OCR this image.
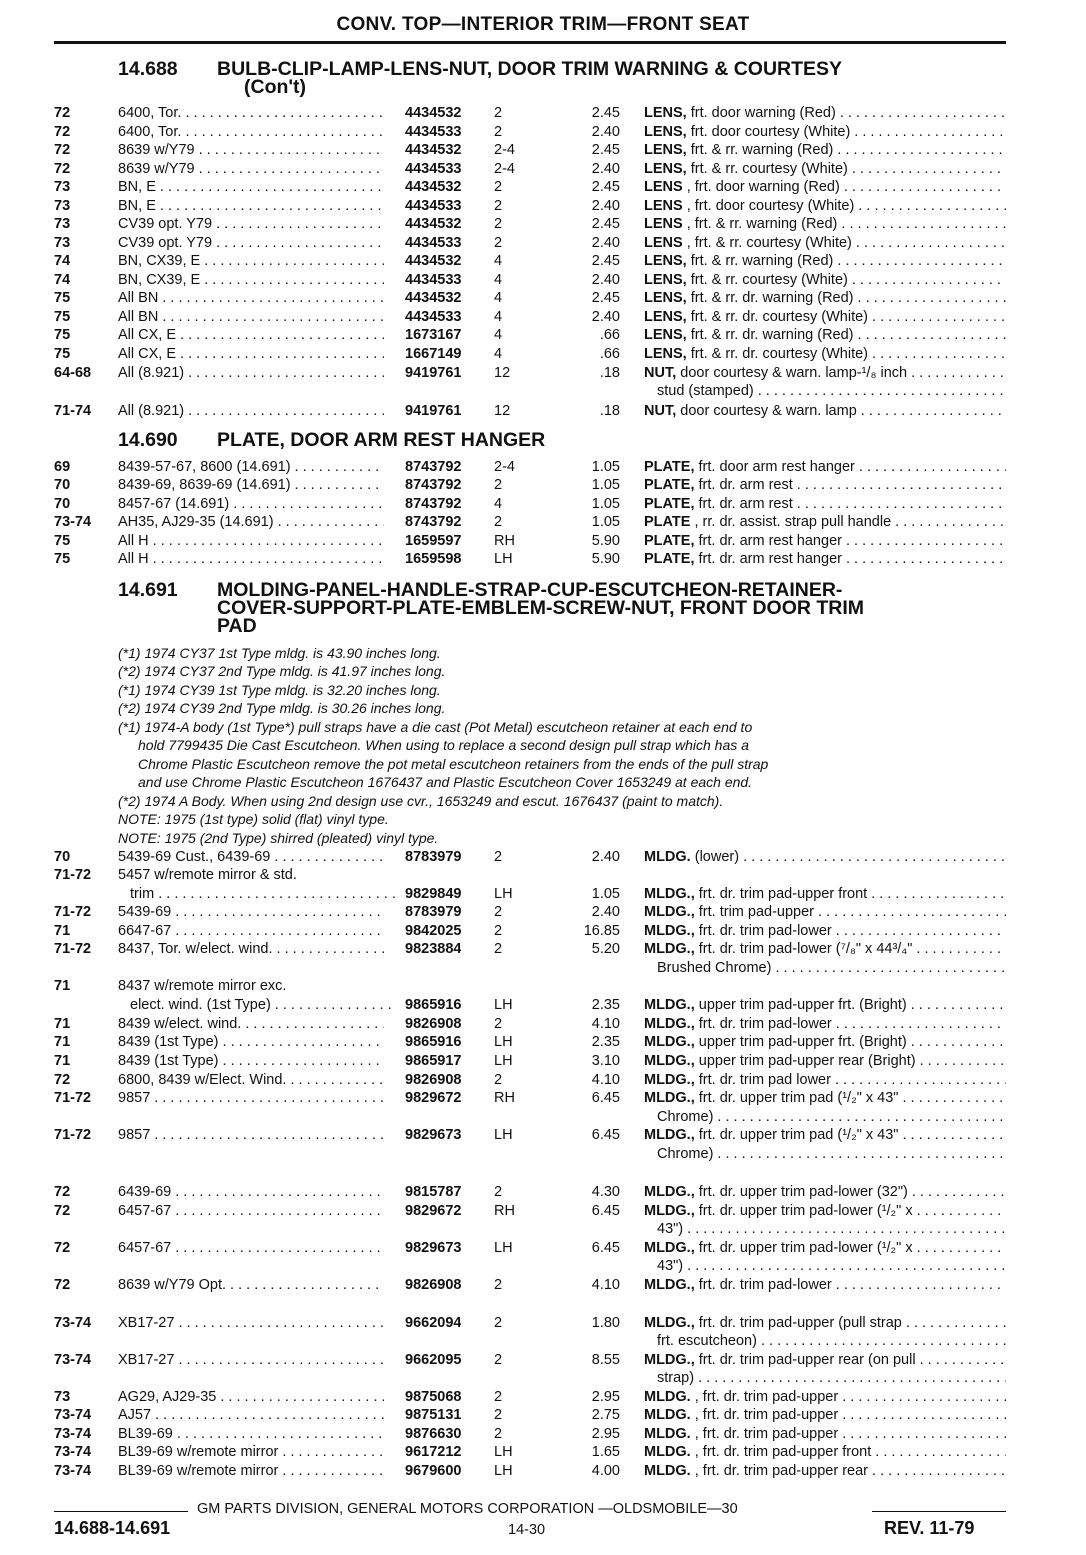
CONV. TOP—INTERIOR TRIM—FRONT SEAT
14.688 BULB-CLIP-LAMP-LENS-NUT, DOOR TRIM WARNING & COURTESY
(Con't)
72	6400, Tor. . . .	4434532 2	2.45 LENS, frt. door warning (Red) . . .
72	6400, Tor. . . .	4434533 2	2.40 LENS, frt. door courtesy (White) . . .
72	8639 w/Y79 . . .	4434532 2-4	2.45 LENS, frt. & rr. warning (Red) . . .
72	8639 w/Y79 . . .	4434533 2-4	2.40 LENS, frt. & rr. courtesy (White) . . .
73	BN, E . . .	4434532 2	2.45 LENS , frt. door warning (Red) . . .
73	BN, E . . .	4434533 2	2.40 LENS , frt. door courtesy (White) . . .
73	CV39 opt. Y79 . . .	4434532 2	2.45 LENS , frt. & rr. warning (Red) . . .
73	CV39 opt. Y79 . . .	4434533 2	2.40 LENS , frt. & rr. courtesy (White) . . .
74	BN, CX39, E . . .	4434532 4	2.45 LENS, frt. & rr. warning (Red) . . .
74	BN, CX39, E . . .	4434533 4	2.40 LENS, frt. & rr. courtesy (White) . . .
75	All BN . . .	4434532 4	2.45 LENS, frt. & rr. dr. warning (Red) . . .
75	All BN . . .	4434533 4	2.40 LENS, frt. & rr. dr. courtesy (White) . . .
75	All CX, E . . .	1673167 4	.66 LENS, frt. & rr. dr. warning (Red) . . .
75	All CX, E . . .	1667149 4	.66 LENS, frt. & rr. dr. courtesy (White) . . .
64-68 All (8.921) . . .	9419761 12	.18 NUT, door courtesy & warn. lamp-¹/₈ inch . . .
stud (stamped) . . .
71-74 All (8.921) . . .	9419761 12	.18 NUT, door courtesy & warn. lamp . . .
14.690 PLATE, DOOR ARM REST HANGER
69	8439-57-67, 8600 (14.691) . . .	8743792 2-4	1.05 PLATE, frt. door arm rest hanger . . .
70	8439-69, 8639-69 (14.691) . . .	8743792 2	1.05 PLATE, frt. dr. arm rest . . .
70	8457-67 (14.691) . . .	8743792 4	1.05 PLATE, frt. dr. arm rest . . .
73-74 AH35, AJ29-35 (14.691) . . .	8743792 2	1.05 PLATE , rr. dr. assist. strap pull handle . . .
75	All H . . .	1659597 RH	5.90 PLATE, frt. dr. arm rest hanger . . .
75	All H . . .	1659598 LH	5.90 PLATE, frt. dr. arm rest hanger . . .
14.691 MOLDING-PANEL-HANDLE-STRAP-CUP-ESCUTCHEON-RETAINER-
COVER-SUPPORT-PLATE-EMBLEM-SCREW-NUT, FRONT DOOR TRIM
PAD
(*1) 1974 CY37 1st Type mldg. is 43.90 inches long.
(*2) 1974 CY37 2nd Type mldg. is 41.97 inches long.
(*1) 1974 CY39 1st Type mldg. is 32.20 inches long.
(*2) 1974 CY39 2nd Type mldg. is 30.26 inches long.
(*1) 1974-A body (1st Type*) pull straps have a die cast (Pot Metal) escutcheon retainer at each end to
hold 7799435 Die Cast Escutcheon. When using to replace a second design pull strap which has a
Chrome Plastic Escutcheon remove the pot metal escutcheon retainers from the ends of the pull strap
and use Chrome Plastic Escutcheon 1676437 and Plastic Escutcheon Cover 1653249 at each end.
(*2) 1974 A Body. When using 2nd design use cvr., 1653249 and escut. 1676437 (paint to match).
NOTE: 1975 (1st type) solid (flat) vinyl type.
NOTE: 1975 (2nd Type) shirred (pleated) vinyl type.
70	5439-69 Cust., 6439-69 . . .	8783979 2	2.40 MLDG. (lower) . . .
71-72 5457 w/remote mirror & std.
trim . . .	9829849 LH	1.05 MLDG., frt. dr. trim pad-upper front . . .
71-72 5439-69 . . .	8783979 2	2.40 MLDG., frt. trim pad-upper . . .
71	6647-67 . . .	9842025 2	16.85 MLDG., frt. dr. trim pad-lower . . .
71-72 8437, Tor. w/elect. wind. . . .	9823884 2	5.20 MLDG., frt. dr. trim pad-lower (⁷/₈" x 44³/₄" . . .
Brushed Chrome) . . .
71	8437 w/remote mirror exc.
elect. wind. (1st Type) . . .	9865916 LH	2.35 MLDG., upper trim pad-upper frt. (Bright) . . .
71	8439 w/elect. wind. . . .	9826908 2	4.10 MLDG., frt. dr. trim pad-lower . . .
71	8439 (1st Type) . . .	9865916 LH	2.35 MLDG., upper trim pad-upper frt. (Bright) . . .
71	8439 (1st Type) . . .	9865917 LH	3.10 MLDG., upper trim pad-upper rear (Bright) . . .
72	6800, 8439 w/Elect. Wind. . . .	9826908 2	4.10 MLDG., frt. dr. trim pad lower . . .
71-72 9857 . . .	9829672 RH	6.45 MLDG., frt. dr. upper trim pad (¹/₂" x 43" . . .
Chrome) . . .
71-72 9857 . . .	9829673 LH	6.45 MLDG., frt. dr. upper trim pad (¹/₂" x 43" . . .
Chrome) . . .
72	6439-69 . . .	9815787 2	4.30 MLDG., frt. dr. upper trim pad-lower (32") . . .
72	6457-67 . . .	9829672 RH	6.45 MLDG., frt. dr. upper trim pad-lower (¹/₂" x . . .
43") . . .
72	6457-67 . . .	9829673 LH	6.45 MLDG., frt. dr. upper trim pad-lower (¹/₂" x . . .
43") . . .
72	8639 w/Y79 Opt. . . .	9826908 2	4.10 MLDG., frt. dr. trim pad-lower . . .
73-74 XB17-27 . . .	9662094 2	1.80 MLDG., frt. dr. trim pad-upper (pull strap . . .
frt. escutcheon) . . .
73-74 XB17-27 . . .	9662095 2	8.55 MLDG., frt. dr. trim pad-upper rear (on pull . . .
strap) . . .
73	AG29, AJ29-35 . . .	9875068 2	2.95 MLDG. , frt. dr. trim pad-upper . . .
73-74 AJ57 . . .	9875131 2	2.75 MLDG. , frt. dr. trim pad-upper . . .
73-74 BL39-69 . . .	9876630 2	2.95 MLDG. , frt. dr. trim pad-upper . . .
73-74 BL39-69 w/remote mirror . . .	9617212 LH	1.65 MLDG. , frt. dr. trim pad-upper front . . .
73-74 BL39-69 w/remote mirror . . .	9679600 LH	4.00 MLDG. , frt. dr. trim pad-upper rear . . .
GM PARTS DIVISION, GENERAL MOTORS CORPORATION —OLDSMOBILE—30
14.688-14.691	14-30	REV. 11-79
